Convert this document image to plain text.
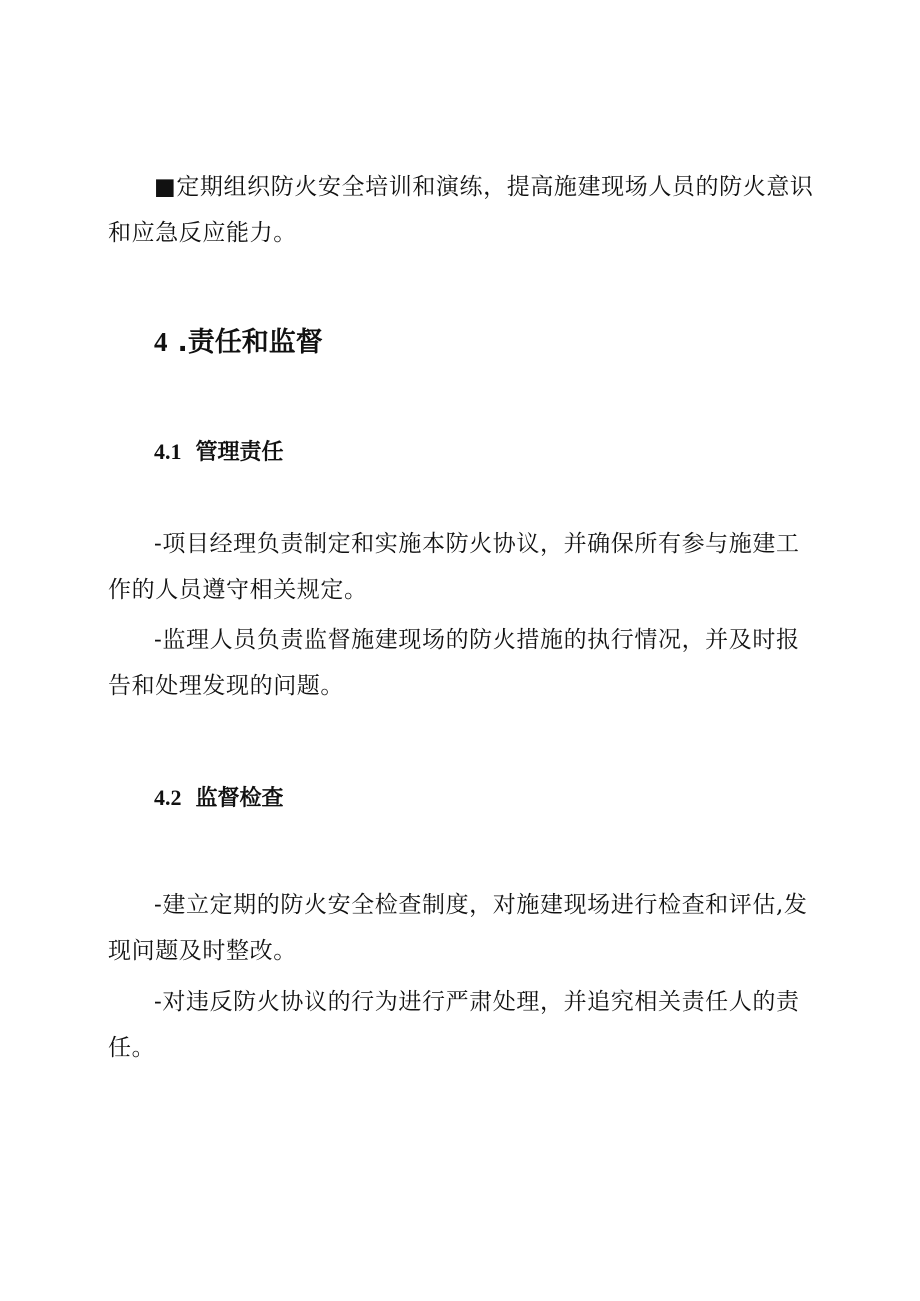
■定期组织防火安全培训和演练，提高施建现场人员的防火意识和应急反应能力。

4 .责任和监督
4.1 管理责任

-项目经理负责制定和实施本防火协议，并确保所有参与施建工作的人员遵守相关规定。

-监理人员负责监督施建现场的防火措施的执行情况，并及时报告和处理发现的问题。

4.2 监督检查

-建立定期的防火安全检查制度，对施建现场进行检查和评估,发现问题及时整改。

-对违反防火协议的行为进行严肃处理，并追究相关责任人的责任。
